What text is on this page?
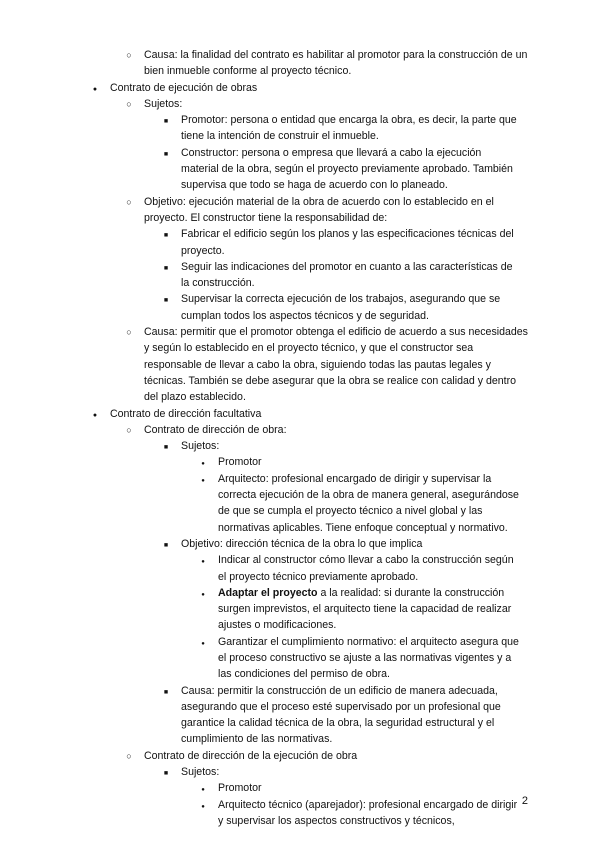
○
Causa: la finalidad del contrato es habilitar al promotor para la construcción de un bien inmueble conforme al proyecto técnico.
●
Contrato de ejecución de obras
○
Sujetos:
■
Promotor: persona o entidad que encarga la obra, es decir, la parte que tiene la intención de construir el inmueble.
■
Constructor: persona o empresa que llevará a cabo la ejecución material de la obra, según el proyecto previamente aprobado. También supervisa que todo se haga de acuerdo con lo planeado.
○
Objetivo: ejecución material de la obra de acuerdo con lo establecido en el proyecto. El constructor tiene la responsabilidad de:
■
Fabricar el edificio según los planos y las especificaciones técnicas del proyecto.
■
Seguir las indicaciones del promotor en cuanto a las características de la construcción.
■
Supervisar la correcta ejecución de los trabajos, asegurando que se cumplan todos los aspectos técnicos y de seguridad.
○
Causa: permitir que el promotor obtenga el edificio de acuerdo a sus necesidades y según lo establecido en el proyecto técnico, y que el constructor sea responsable de llevar a cabo la obra, siguiendo todas las pautas legales y técnicas. También se debe asegurar que la obra se realice con calidad y dentro del plazo establecido.
●
Contrato de dirección facultativa
○
Contrato de dirección de obra:
■
Sujetos:
●
Promotor
●
Arquitecto: profesional encargado de dirigir y supervisar la correcta ejecución de la obra de manera general, asegurándose de que se cumpla el proyecto técnico a nivel global y las normativas aplicables. Tiene enfoque conceptual y normativo.
■
Objetivo: dirección técnica de la obra lo que implica
●
Indicar al constructor cómo llevar a cabo la construcción según el proyecto técnico previamente aprobado.
●
Adaptar el proyecto a la realidad: si durante la construcción surgen imprevistos, el arquitecto tiene la capacidad de realizar ajustes o modificaciones.
●
Garantizar el cumplimiento normativo: el arquitecto asegura que el proceso constructivo se ajuste a las normativas vigentes y a las condiciones del permiso de obra.
■
Causa: permitir la construcción de un edificio de manera adecuada, asegurando que el proceso esté supervisado por un profesional que garantice la calidad técnica de la obra, la seguridad estructural y el cumplimiento de las normativas.
○
Contrato de dirección de la ejecución de obra
■
Sujetos:
●
Promotor
●
Arquitecto técnico (aparejador): profesional encargado de dirigir y supervisar los aspectos constructivos y técnicos,
2
